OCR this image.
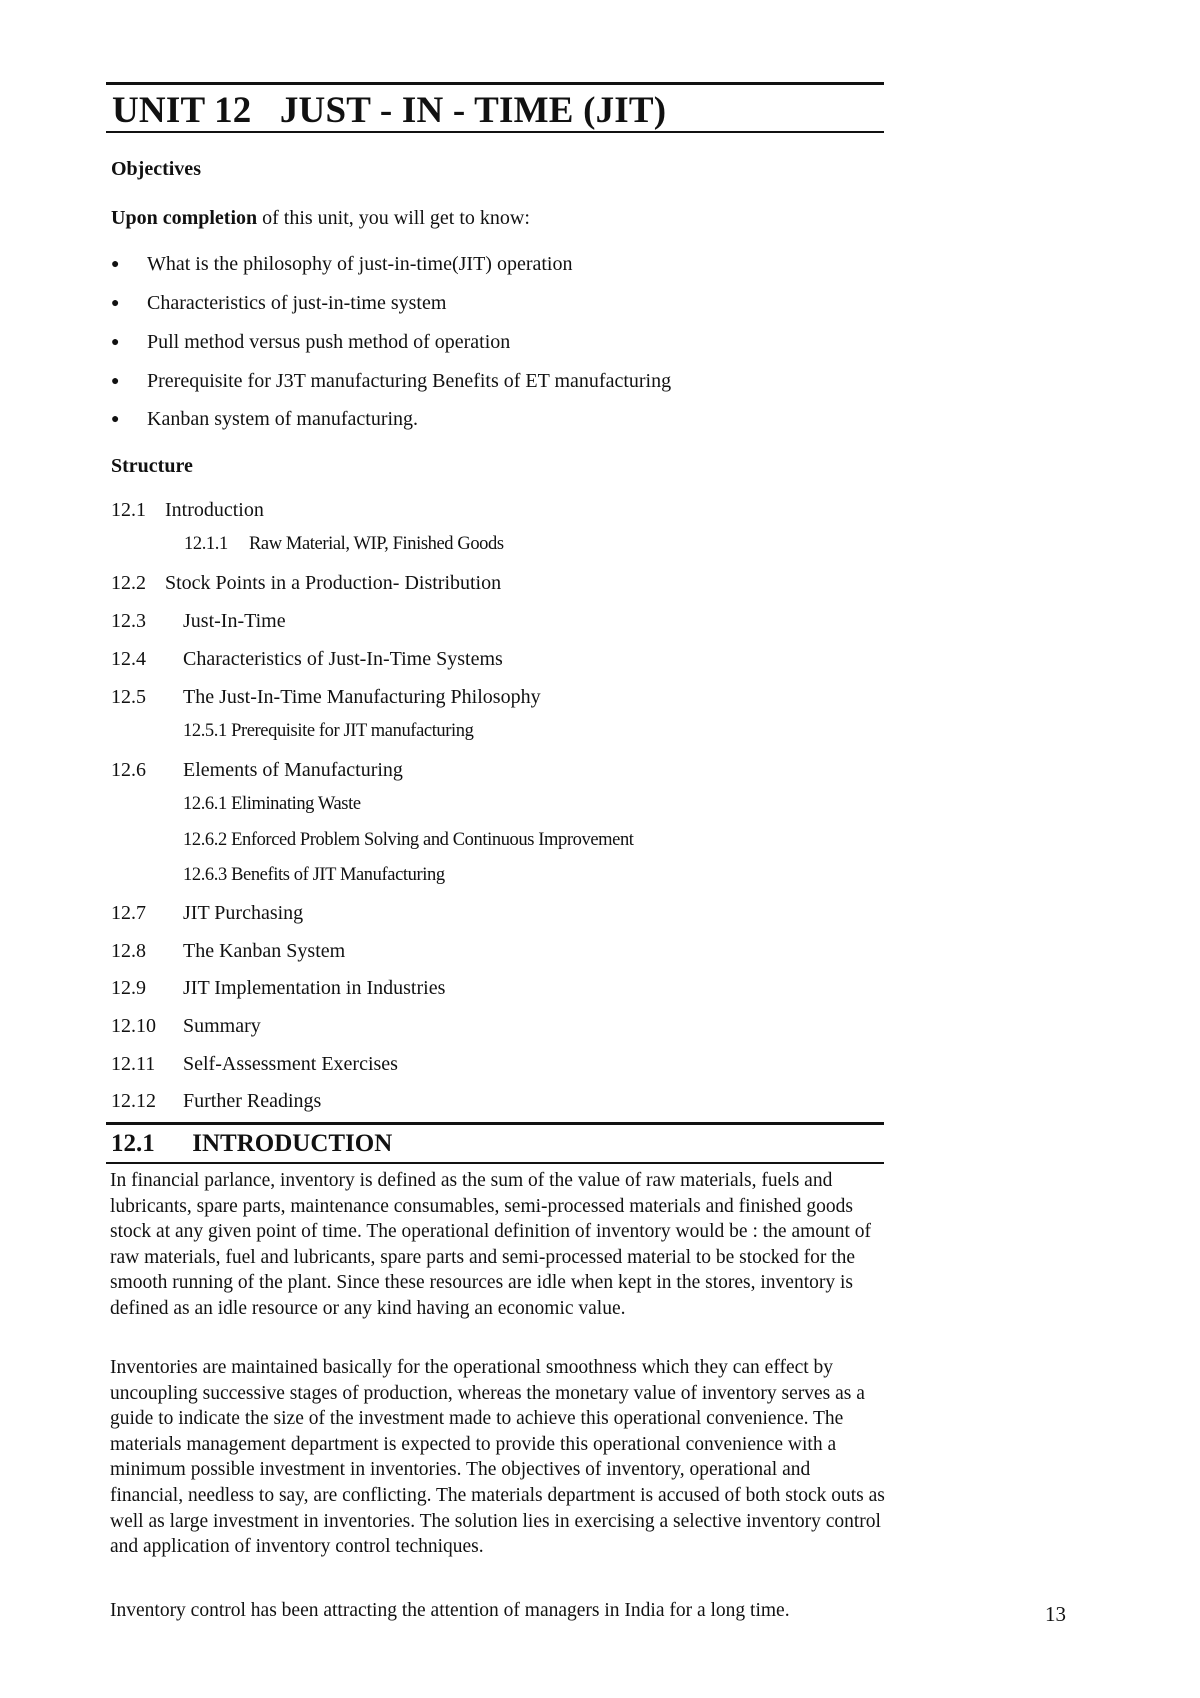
UNIT 12   JUST - IN - TIME (JIT)
Objectives
Upon completion of this unit, you will get to know:
●	What is the philosophy of just-in-time(JIT) operation
●	Characteristics of just-in-time system
●	Pull method versus push method of operation
●	Prerequisite for J3T manufacturing Benefits of ET manufacturing
●	Kanban system of manufacturing.
Structure
12.1 Introduction
12.1.1     Raw Material, WIP, Finished Goods
12.2 Stock Points in a Production- Distribution
12.3	Just-In-Time
12.4	Characteristics of Just-In-Time Systems
12.5	The Just-In-Time Manufacturing Philosophy
12.5.1 Prerequisite for JIT manufacturing
12.6	Elements of Manufacturing
12.6.1 Eliminating Waste
12.6.2 Enforced Problem Solving and Continuous Improvement
12.6.3 Benefits of JIT Manufacturing
12.7	JIT Purchasing
12.8	The Kanban System
12.9	JIT Implementation in Industries
12.10	Summary
12.11	Self-Assessment Exercises
12.12	Further Readings
12.1      INTRODUCTION

In financial parlance, inventory is defined as the sum of the value of raw materials, fuels and lubricants, spare parts, maintenance consumables, semi-processed materials and finished goods stock at any given point of time. The operational definition of inventory would be : the amount of raw materials, fuel and lubricants, spare parts and semi-processed material to be stocked for the smooth running of the plant. Since these resources are idle when kept in the stores, inventory is defined as an idle resource or any kind having an economic value.

Inventories are maintained basically for the operational smoothness which they can effect by uncoupling successive stages of production, whereas the monetary value of inventory serves as a guide to indicate the size of the investment made to achieve this operational convenience. The materials management department is expected to provide this operational convenience with a minimum possible investment in inventories. The objectives of inventory, operational and financial, needless to say, are conflicting. The materials department is accused of both stock outs as well as large investment in inventories. The solution lies in exercising a selective inventory control and application of inventory control techniques.

Inventory control has been attracting the attention of managers in India for a long time.	13
